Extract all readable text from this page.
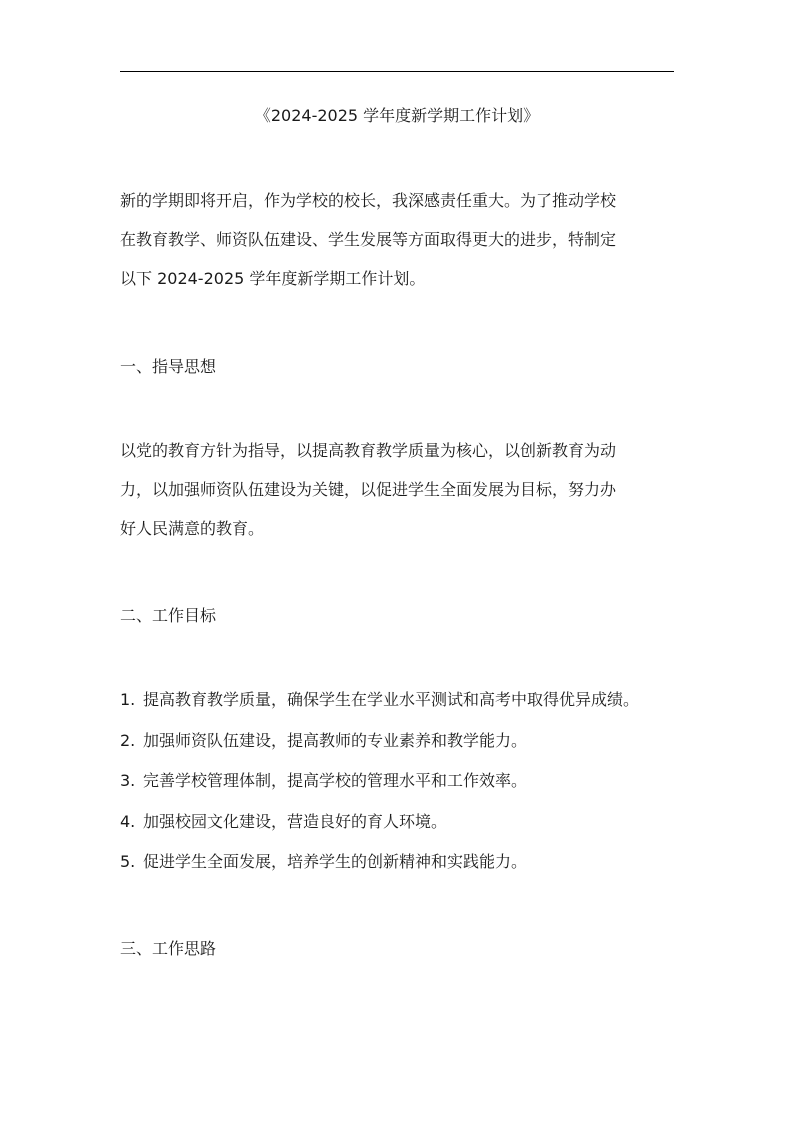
《2024-2025 学年度新学期工作计划》
新的学期即将开启，作为学校的校长，我深感责任重大。为了推动学校
在教育教学、师资队伍建设、学生发展等方面取得更大的进步，特制定
以下 2024-2025 学年度新学期工作计划。
一、指导思想
以党的教育方针为指导，以提高教育教学质量为核心，以创新教育为动
力，以加强师资队伍建设为关键，以促进学生全面发展为目标，努力办
好人民满意的教育。
二、工作目标
1. 提高教育教学质量，确保学生在学业水平测试和高考中取得优异成绩。
2. 加强师资队伍建设，提高教师的专业素养和教学能力。
3. 完善学校管理体制，提高学校的管理水平和工作效率。
4. 加强校园文化建设，营造良好的育人环境。
5. 促进学生全面发展，培养学生的创新精神和实践能力。
三、工作思路
